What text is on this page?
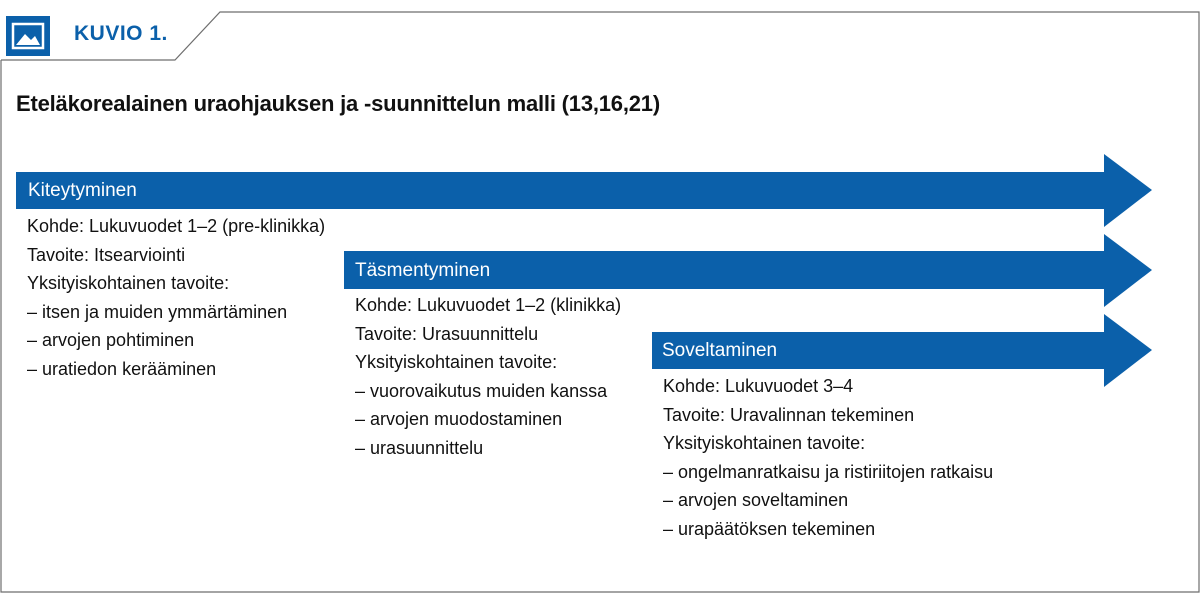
KUVIO 1.
Eteläkorealainen uraohjauksen ja -suunnittelun malli (13,16,21)
Kiteytyminen
Täsmentyminen
Soveltaminen
Kohde: Lukuvuodet 1–2 (pre-klinikka)
Tavoite: Itsearviointi
Yksityiskohtainen tavoite:
– itsen ja muiden ymmärtäminen
– arvojen pohtiminen
– uratiedon kerääminen
Kohde: Lukuvuodet 1–2 (klinikka)
Tavoite: Urasuunnittelu
Yksityiskohtainen tavoite:
– vuorovaikutus muiden kanssa
– arvojen muodostaminen
– urasuunnittelu
Kohde: Lukuvuodet 3–4
Tavoite: Uravalinnan tekeminen
Yksityiskohtainen tavoite:
– ongelmanratkaisu ja ristiriitojen ratkaisu
– arvojen soveltaminen
– urapäätöksen tekeminen
